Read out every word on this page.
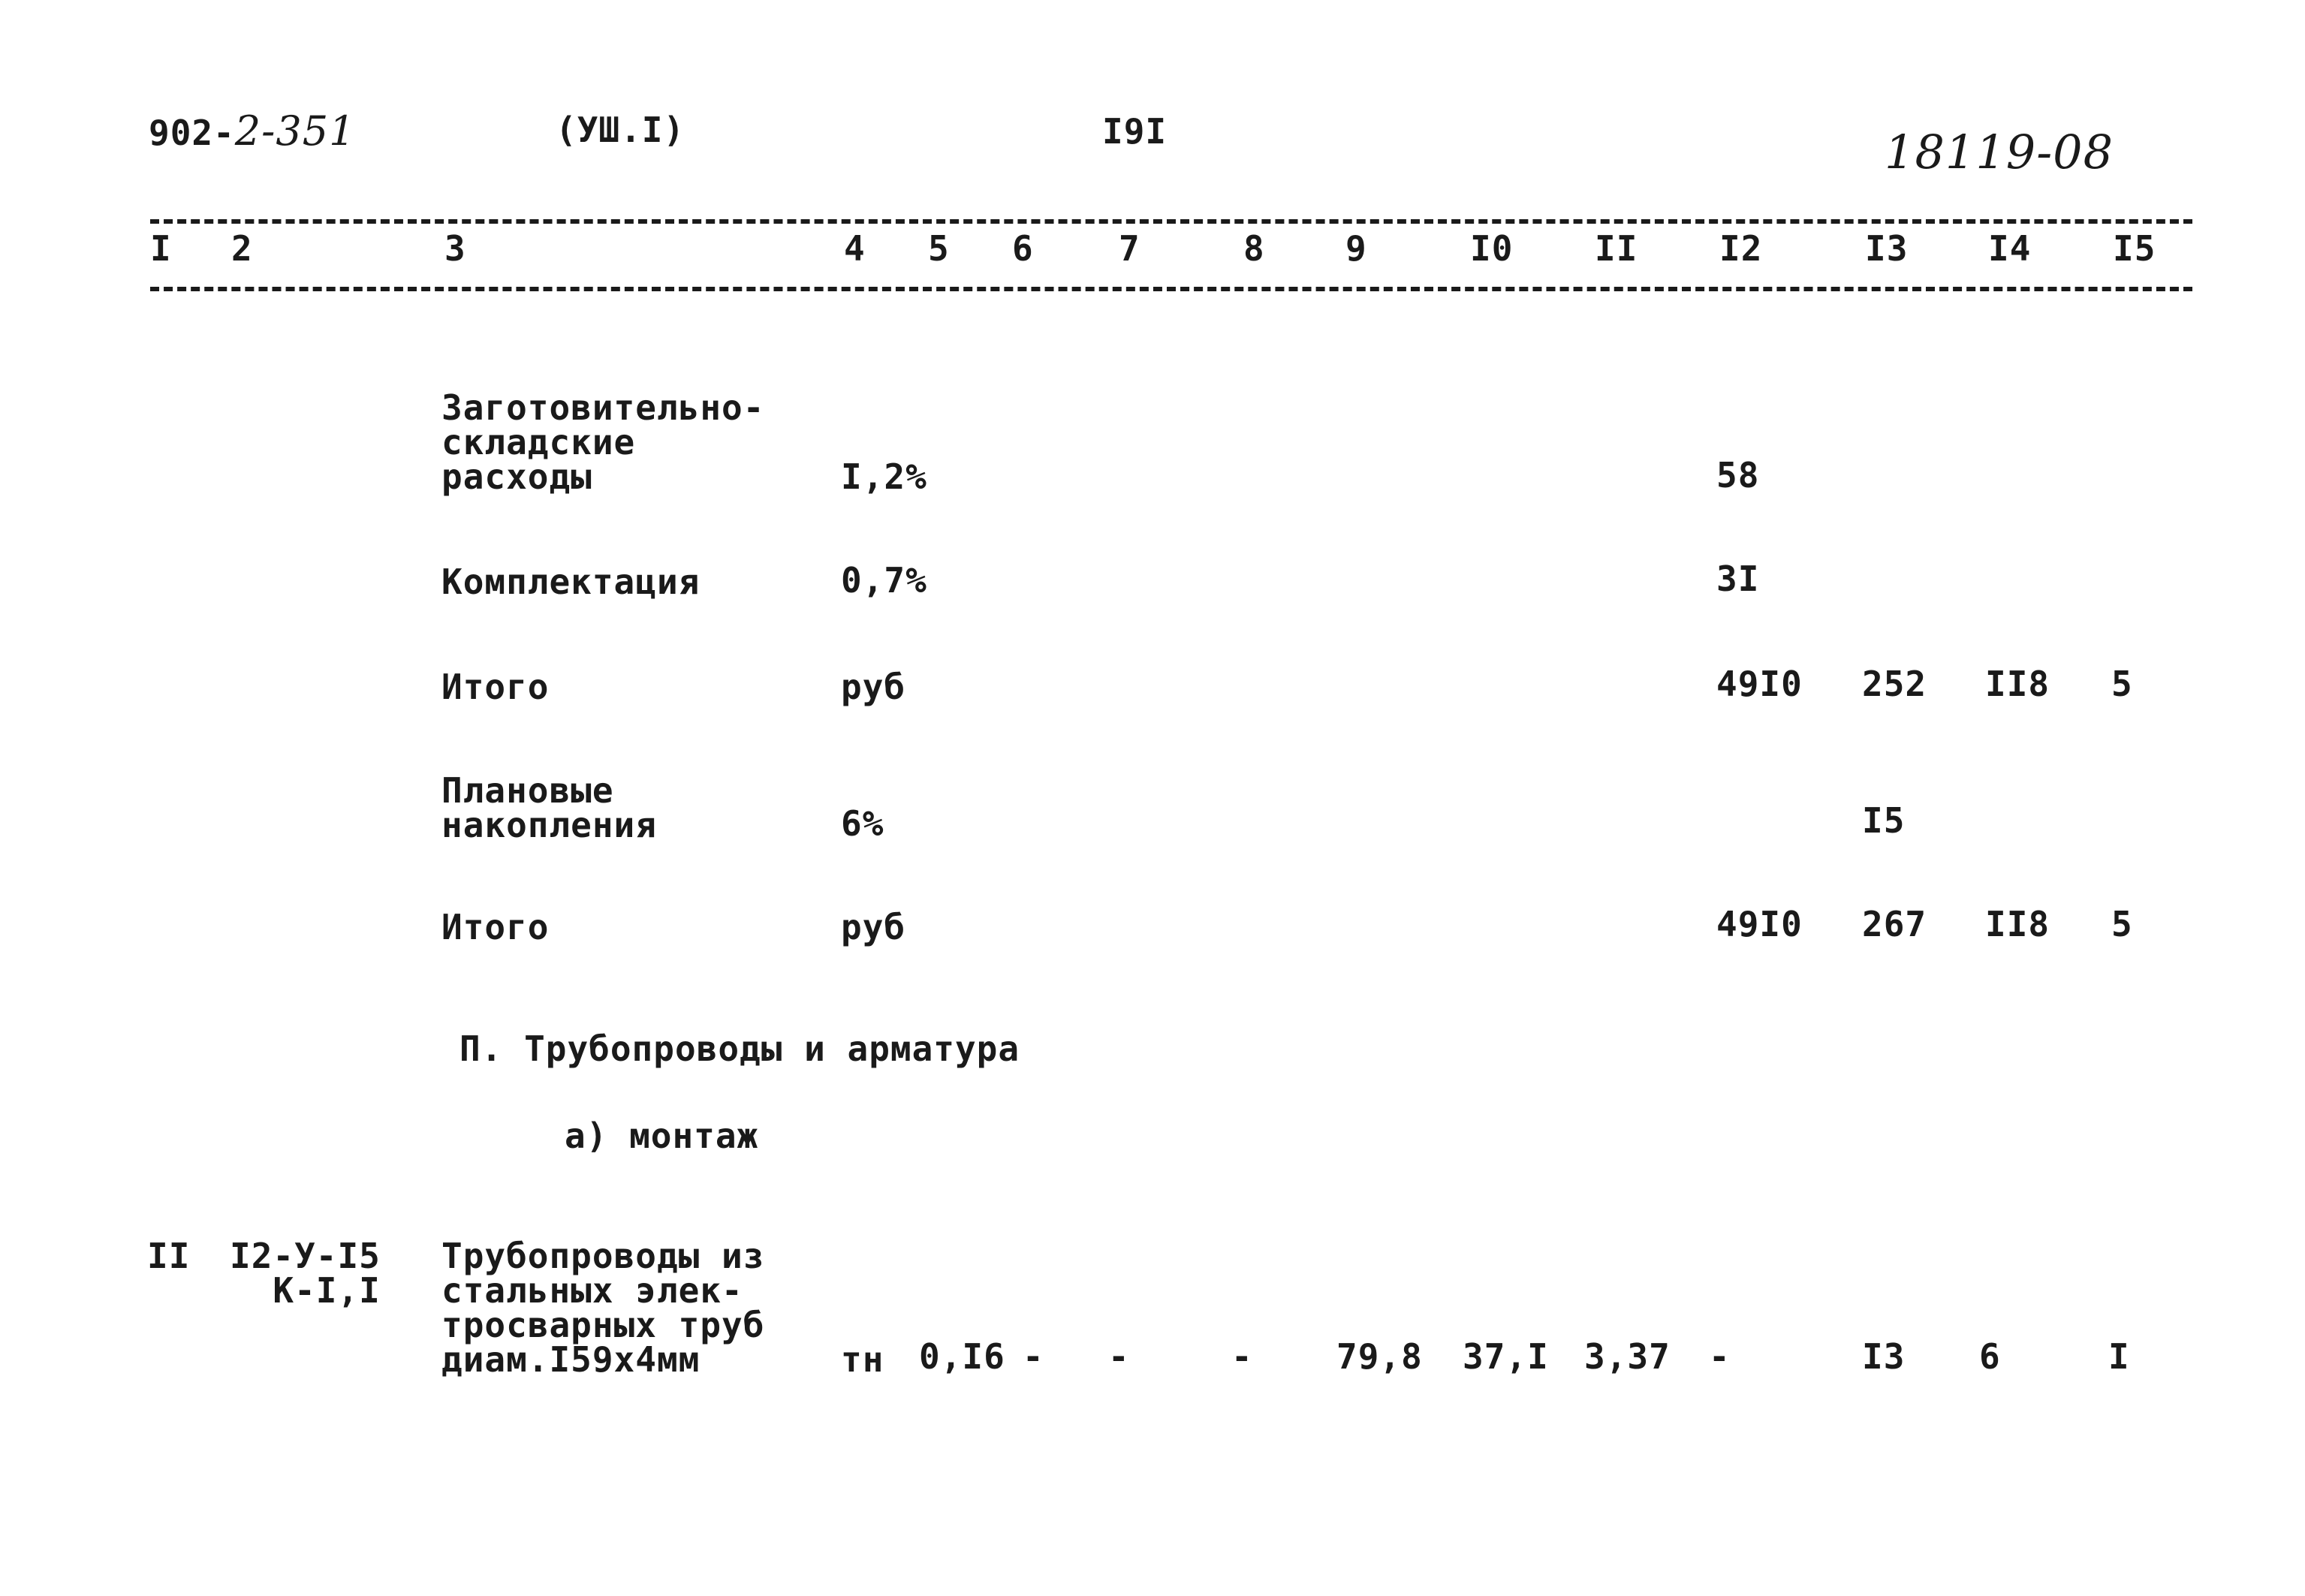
902-2-351	(УШ.I)	I9I	18119-08
I 2	3	4 5 6 7	8 9	I0 II I2	I3 I4 I5
Заготовительно-
складские
расходы	I,2%	58
Комплектация	0,7%	3I
Итого	руб	49I0 252 II8 5
Плановые
накопления	6%	I5
Итого	руб	49I0 267 II8 5
П. Трубопроводы и арматура
а) монтаж
II I2-У-I5
К-I,I
Трубопроводы из
стальных элек-
тросварных труб
диам.I59х4мм	тн 0,I6 - -	- 79,8 37,I 3,37 -	I3 6	I
